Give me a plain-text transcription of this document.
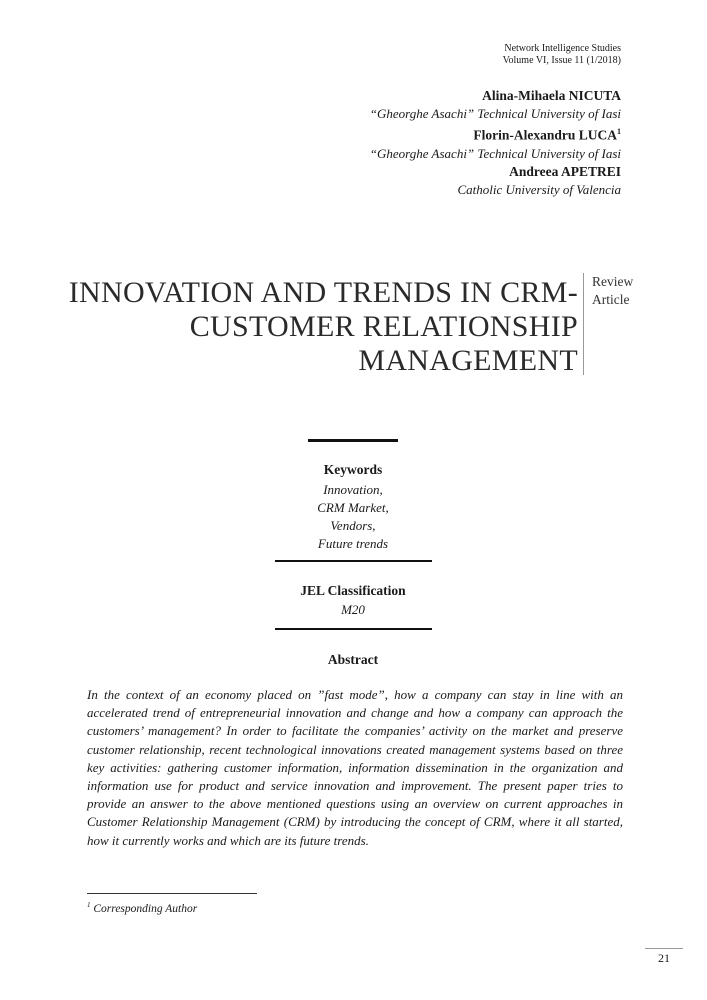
Network Intelligence Studies
Volume VI, Issue 11 (1/2018)
Alina-Mihaela NICUTA
“Gheorghe Asachi” Technical University of Iasi
Florin-Alexandru LUCA$^1$
“Gheorghe Asachi” Technical University of Iasi
Andreea APETREI
Catholic University of Valencia
INNOVATION AND TRENDS IN CRM-
CUSTOMER RELATIONSHIP
MANAGEMENT
Review
Article
Keywords
Innovation,
CRM Market,
Vendors,
Future trends
JEL Classification
M20
Abstract
In the context of an economy placed on ”fast mode”, how a company can stay in line with an accelerated trend of entrepreneurial innovation and change and how a company can approach the customers’ management? In order to facilitate the companies’ activity on the market and preserve customer relationship, recent technological innovations created management systems based on three key activities: gathering customer information, information dissemination in the organization and information use for product and service innovation and improvement. The present paper tries to provide an answer to the above mentioned questions using an overview on current approaches in Customer Relationship Management (CRM) by introducing the concept of CRM, where it all started, how it currently works and which are its future trends.
$^1$ Corresponding Author
21
